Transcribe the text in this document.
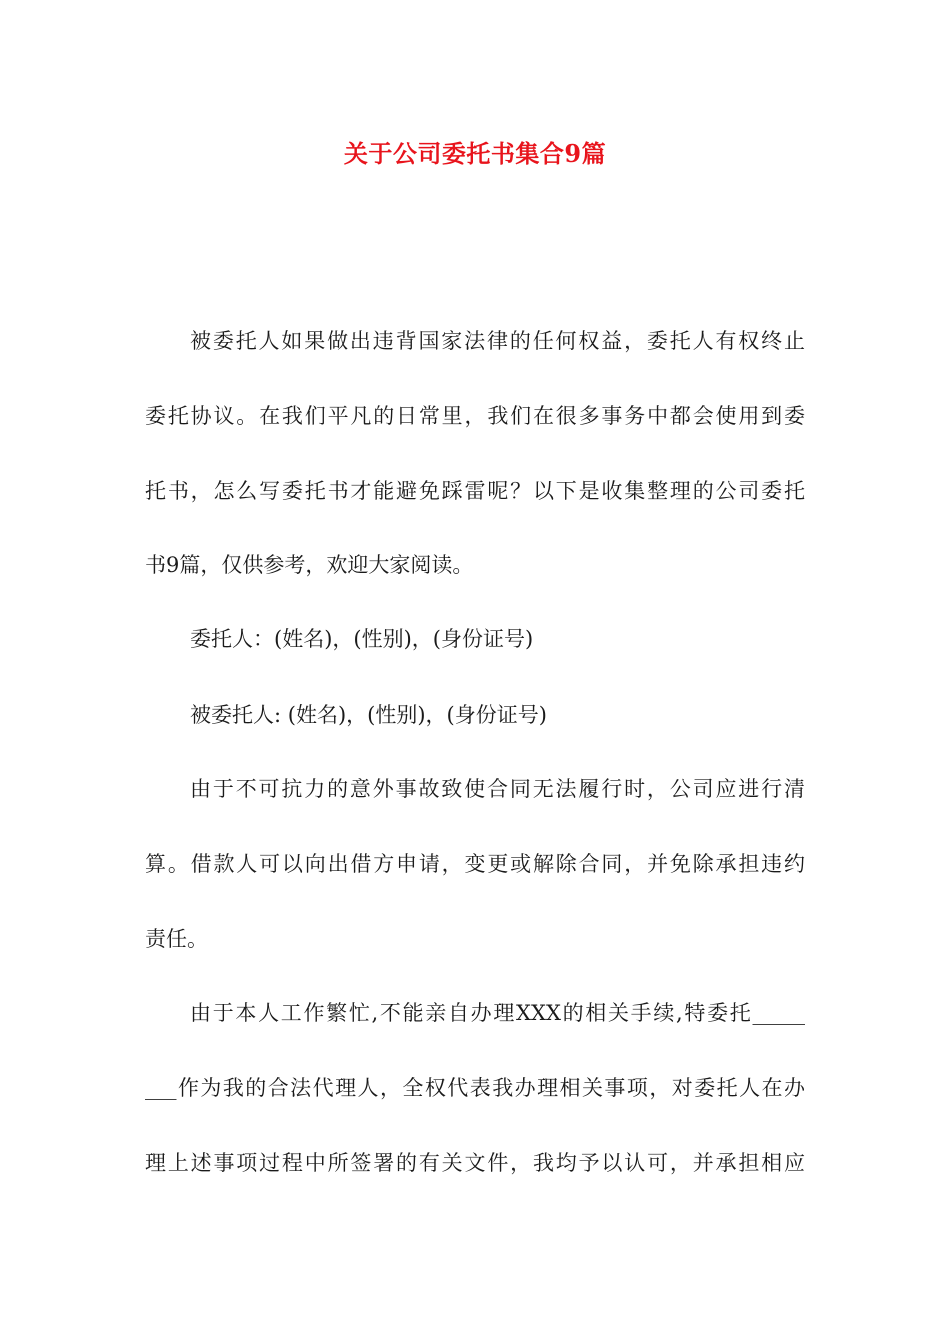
关于公司委托书集合9篇
被委托人如果做出违背国家法律的任何权益，委托人有权终止
委托协议。在我们平凡的日常里，我们在很多事务中都会使用到委
托书，怎么写委托书才能避免踩雷呢？以下是收集整理的公司委托
书9篇，仅供参考，欢迎大家阅读。
委托人：(姓名)，(性别)，(身份证号)
被委托人: (姓名)，(性别)，(身份证号)
由于不可抗力的意外事故致使合同无法履行时，公司应进行清
算。借款人可以向出借方申请，变更或解除合同，并免除承担违约
责任。
由于本人工作繁忙,不能亲自办理XXX的相关手续,特委托_____
___作为我的合法代理人，全权代表我办理相关事项，对委托人在办
理上述事项过程中所签署的有关文件，我均予以认可，并承担相应
